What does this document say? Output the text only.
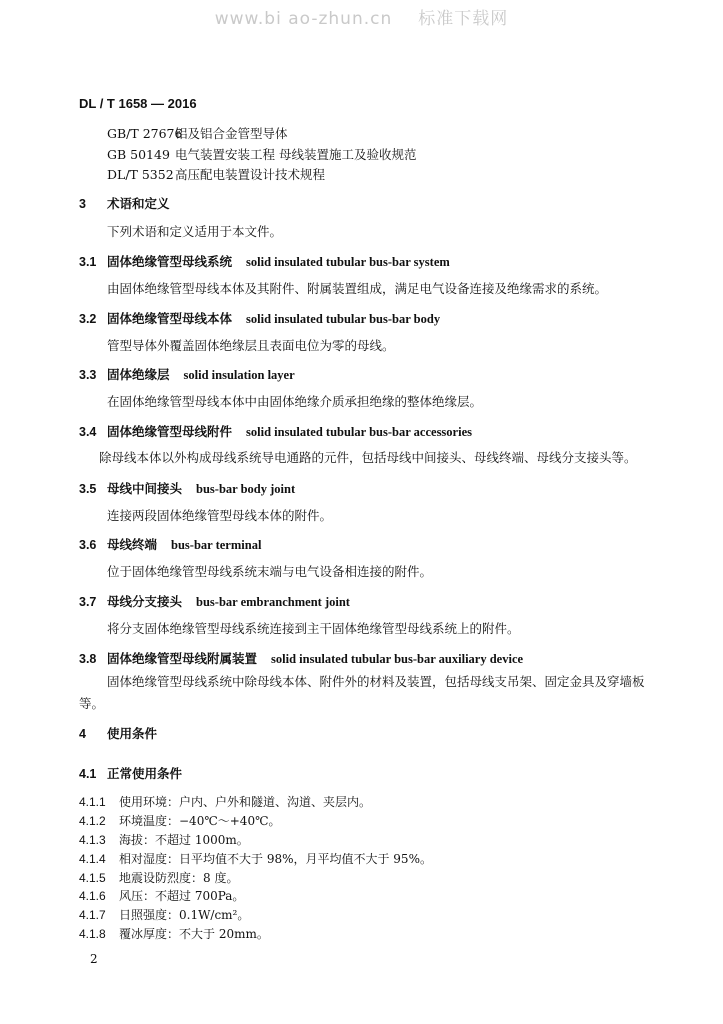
www.bi ao-zhun.cn 标准下载网
DL / T 1658 — 2016
GB/T 27676铝及铝合金管型导体
GB 50149 电气装置安装工程 母线装置施工及验收规范
DL/T 5352高压配电装置设计技术规程
3 术语和定义
下列术语和定义适用于本文件。
3.1 固体绝缘管型母线系统 solid insulated tubular bus-bar system
由固体绝缘管型母线本体及其附件、附属装置组成，满足电气设备连接及绝缘需求的系统。
3.2 固体绝缘管型母线本体 solid insulated tubular bus-bar body
管型导体外覆盖固体绝缘层且表面电位为零的母线。
3.3 固体绝缘层 solid insulation layer
在固体绝缘管型母线本体中由固体绝缘介质承担绝缘的整体绝缘层。
3.4 固体绝缘管型母线附件 solid insulated tubular bus-bar accessories
除母线本体以外构成母线系统导电通路的元件，包括母线中间接头、母线终端、母线分支接头等。
3.5 母线中间接头 bus-bar body joint
连接两段固体绝缘管型母线本体的附件。
3.6 母线终端 bus-bar terminal
位于固体绝缘管型母线系统末端与电气设备相连接的附件。
3.7 母线分支接头 bus-bar embranchment joint
将分支固体绝缘管型母线系统连接到主干固体绝缘管型母线系统上的附件。
3.8 固体绝缘管型母线附属装置 solid insulated tubular bus-bar auxiliary device
固体绝缘管型母线系统中除母线本体、附件外的材料及装置，包括母线支吊架、固定金具及穿墙板等。
4 使用条件
4.1 正常使用条件
4.1.1 使用环境：户内、户外和隧道、沟道、夹层内。
4.1.2 环境温度：−40℃～+40℃。
4.1.3 海拔：不超过 1000m。
4.1.4 相对湿度：日平均值不大于 98%，月平均值不大于 95%。
4.1.5 地震设防烈度：8 度。
4.1.6 风压：不超过 700Pa。
4.1.7 日照强度：0.1W/cm²。
4.1.8 覆冰厚度：不大于 20mm。
2
